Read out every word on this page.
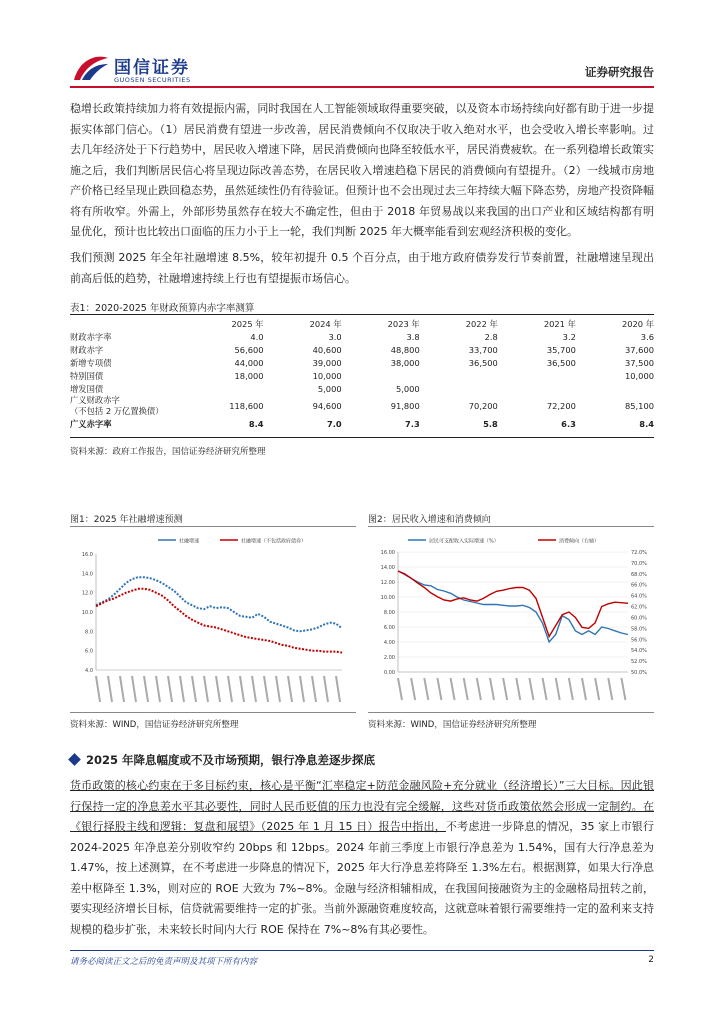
国信证券
GUOSEN SECURITIES
证券研究报告

稳增长政策持续加力将有效提振内需，同时我国在人工智能领域取得重要突破，以及资本市场持续向好都有助于进一步提振实体部门信心。（1）居民消费有望进一步改善，居民消费倾向不仅取决于收入绝对水平，也会受收入增长率影响。过去几年经济处于下行趋势中，居民收入增速下降，居民消费倾向也降至较低水平，居民消费疲软。在一系列稳增长政策实施之后，我们判断居民信心将呈现边际改善态势，在居民收入增速趋稳下居民的消费倾向有望提升。（2）一线城市房地产价格已经呈现止跌回稳态势，虽然延续性仍有待验证。但预计也不会出现过去三年持续大幅下降态势，房地产投资降幅将有所收窄。外需上，外部形势虽然存在较大不确定性，但由于 2018 年贸易战以来我国的出口产业和区域结构都有明显优化，预计也比较出口面临的压力小于上一轮，我们判断 2025 年大概率能看到宏观经济积极的变化。

我们预测 2025 年全年社融增速 8.5%，较年初提升 0.5 个百分点，由于地方政府债券发行节奏前置，社融增速呈现出前高后低的趋势，社融增速持续上行也有望提振市场信心。

表1：2020-2025 年财政预算内赤字率测算
	2025 年	2024 年	2023 年	2022 年	2021 年	2020 年
财政赤字率	4.0	3.0	3.8	2.8	3.2	3.6
财政赤字	56,600	40,600	48,800	33,700	35,700	37,600
新增专项债	44,000	39,000	38,000	36,500	36,500	37,500
特别国债	18,000	10,000				10,000
增发国债		5,000	5,000			

广义财政赤字
（不包括 2 万亿置换债）	118,600	94,600	91,800	70,200	72,200	85,100
广义赤字率	8.4	7.0	7.3	5.8	6.3	8.4
资料来源：政府工作报告，国信证券经济研究所整理
图1：2025 年社融增速预测
社融增速	社融增速（不包括政府债券）
16.0
14.0
12.0
10.0
8.0
6.0
4.0
资料来源：WIND，国信证券经济研究所整理
图2：居民收入增速和消费倾向
居民可支配收入实际增速（%）	消费倾向（右轴）
16.00
14.00
12.00
10.00
8.00
6.00
4.00
2.00
0.00
72.0%
70.0%
68.0%
66.0%
64.0%
62.0%
60.0%
58.0%
56.0%
54.0%
52.0%
50.0%
资料来源：WIND，国信证券经济研究所整理
2025 年降息幅度或不及市场预期，银行净息差逐步探底

货币政策的核心约束在于多目标约束，核心是平衡“汇率稳定+防范金融风险+充分就业（经济增长）”三大目标。因此银行保持一定的净息差水平其必要性，同时人民币贬值的压力也没有完全缓解，这些对货币政策依然会形成一定制约。在《银行择股主线和逻辑：复盘和展望》（2025 年 1 月 15 日）报告中指出，不考虑进一步降息的情况，35 家上市银行 2024-2025 年净息差分别收窄约 20bps 和 12bps。2024 年前三季度上市银行净息差为 1.54%，国有大行净息差为 1.47%，按上述测算，在不考虑进一步降息的情况下，2025 年大行净息差将降至 1.3%左右。根据测算，如果大行净息差中枢降至 1.3%，则对应的 ROE 大致为 7%~8%。金融与经济相辅相成，在我国间接融资为主的金融格局扭转之前，要实现经济增长目标，信贷就需要维持一定的扩张。当前外源融资难度较高，这就意味着银行需要维持一定的盈利来支持规模的稳步扩张，未来较长时间内大行 ROE 保持在 7%~8%有其必要性。

请务必阅读正文之后的免责声明及其项下所有内容	2
